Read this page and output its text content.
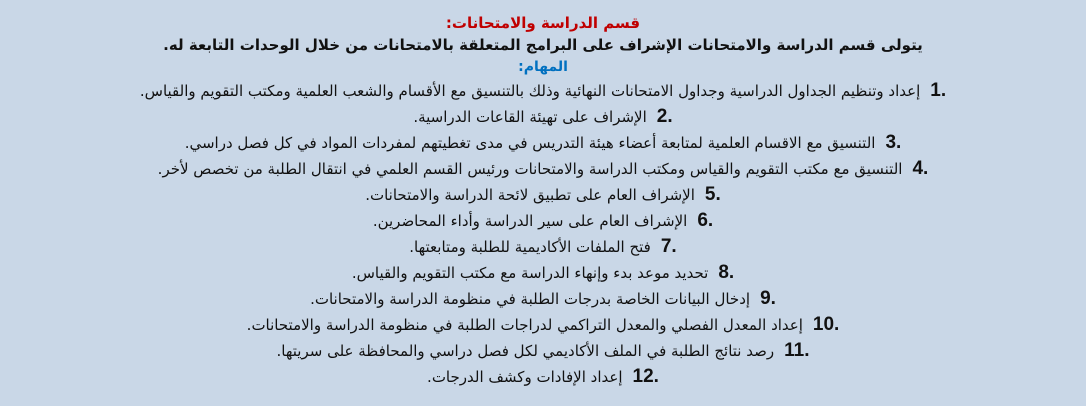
قسم الدراسة والامتحانات:
يتولى قسم الدراسة والامتحانات الإشراف على البرامج المتعلقة بالامتحانات من خلال الوحدات التابعة له.
المهام:
1.إعداد وتنظيم الجداول الدراسية وجداول الامتحانات النهائية وذلك بالتنسيق مع الأقسام والشعب العلمية ومكتب التقويم والقياس.
2.الإشراف على تهيئة القاعات الدراسية.
3.التنسيق مع الاقسام العلمية لمتابعة أعضاء هيئة التدريس في مدى تغطيتهم لمفردات المواد في كل فصل دراسي.
4.التنسيق مع مكتب التقويم والقياس ومكتب الدراسة والامتحانات ورئيس القسم العلمي في انتقال الطلبة من تخصص لأخر.
5.الإشراف العام على تطبيق لائحة الدراسة والامتحانات.
6.الإشراف العام على سير الدراسة وأداء المحاضرين.
7.فتح الملفات الأكاديمية للطلبة ومتابعتها.
8.تحديد موعد بدء وإنهاء الدراسة مع مكتب التقويم والقياس.
9.إدخال البيانات الخاصة بدرجات الطلبة في منظومة الدراسة والامتحانات.
10.إعداد المعدل الفصلي والمعدل التراكمي لدراجات الطلبة في منظومة الدراسة والامتحانات.
11.رصد نتائج الطلبة في الملف الأكاديمي لكل فصل دراسي والمحافظة على سريتها.
12.إعداد الإفادات وكشف الدرجات.
